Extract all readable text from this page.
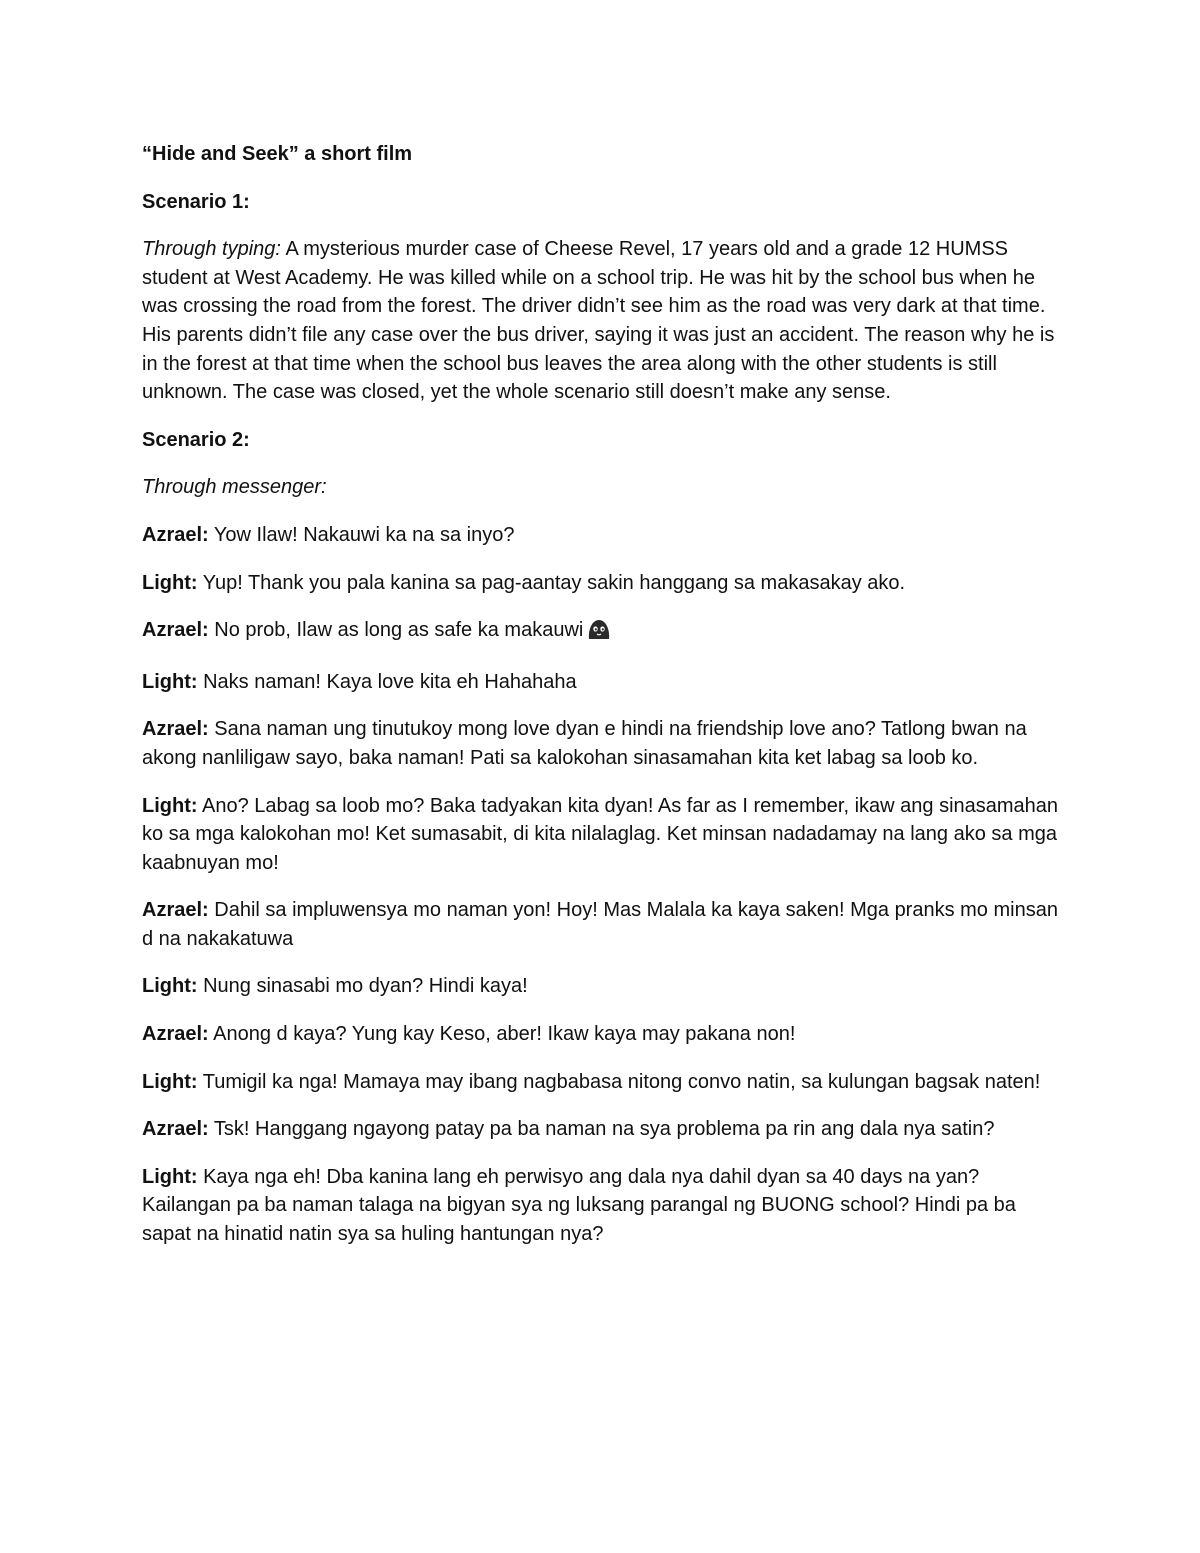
“Hide and Seek” a short film

Scenario 1:

Through typing: A mysterious murder case of Cheese Revel, 17 years old and a grade 12 HUMSS student at West Academy. He was killed while on a school trip. He was hit by the school bus when he was crossing the road from the forest. The driver didn’t see him as the road was very dark at that time. His parents didn’t file any case over the bus driver, saying it was just an accident. The reason why he is in the forest at that time when the school bus leaves the area along with the other students is still unknown. The case was closed, yet the whole scenario still doesn’t make any sense.

Scenario 2:

Through messenger:

Azrael: Yow Ilaw! Nakauwi ka na sa inyo?

Light: Yup! Thank you pala kanina sa pag-aantay sakin hanggang sa makasakay ako.

Azrael: No prob, Ilaw as long as safe ka makauwi

Light: Naks naman! Kaya love kita eh Hahahaha

Azrael: Sana naman ung tinutukoy mong love dyan e hindi na friendship love ano? Tatlong bwan na akong nanliligaw sayo, baka naman! Pati sa kalokohan sinasamahan kita ket labag sa loob ko.

Light: Ano? Labag sa loob mo? Baka tadyakan kita dyan! As far as I remember, ikaw ang sinasamahan ko sa mga kalokohan mo! Ket sumasabit, di kita nilalaglag. Ket minsan nadadamay na lang ako sa mga kaabnuyan mo!

Azrael: Dahil sa impluwensya mo naman yon! Hoy! Mas Malala ka kaya saken! Mga pranks mo minsan d na nakakatuwa

Light: Nung sinasabi mo dyan? Hindi kaya!

Azrael: Anong d kaya? Yung kay Keso, aber! Ikaw kaya may pakana non!

Light: Tumigil ka nga! Mamaya may ibang nagbabasa nitong convo natin, sa kulungan bagsak naten!

Azrael: Tsk! Hanggang ngayong patay pa ba naman na sya problema pa rin ang dala nya satin?

Light: Kaya nga eh! Dba kanina lang eh perwisyo ang dala nya dahil dyan sa 40 days na yan? Kailangan pa ba naman talaga na bigyan sya ng luksang parangal ng BUONG school? Hindi pa ba sapat na hinatid natin sya sa huling hantungan nya?
